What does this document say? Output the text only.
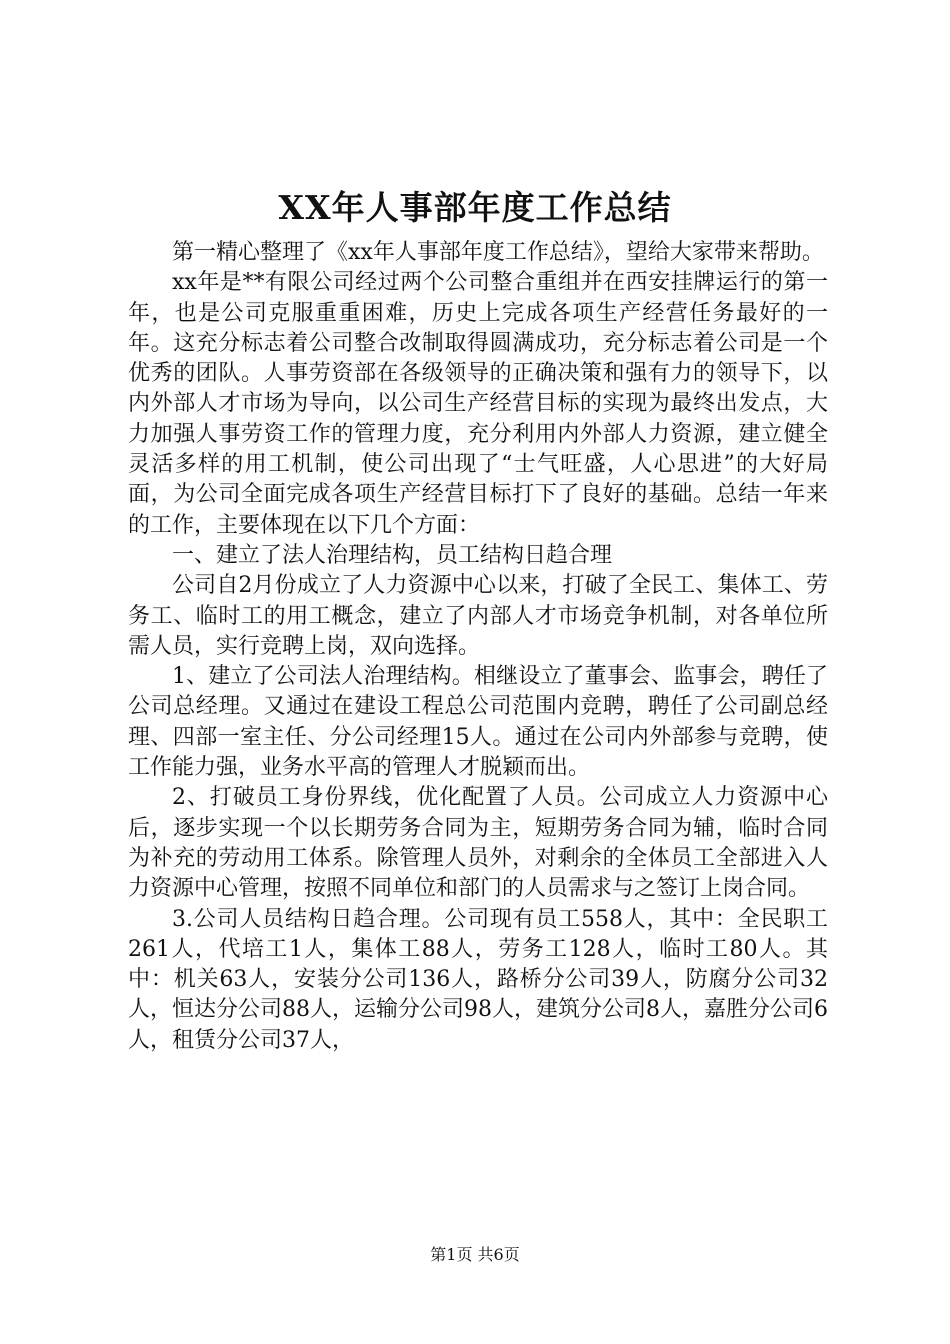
XX年人事部年度工作总结

第一精心整理了《xx年人事部年度工作总结》，望给大家带来帮助。

xx年是**有限公司经过两个公司整合重组并在西安挂牌运行的第一年，也是公司克服重重困难，历史上完成各项生产经营任务最好的一年。这充分标志着公司整合改制取得圆满成功，充分标志着公司是一个优秀的团队。人事劳资部在各级领导的正确决策和强有力的领导下，以内外部人才市场为导向，以公司生产经营目标的实现为最终出发点，大力加强人事劳资工作的管理力度，充分利用内外部人力资源，建立健全灵活多样的用工机制，使公司出现了“士气旺盛，人心思进”的大好局面，为公司全面完成各项生产经营目标打下了良好的基础。总结一年来的工作，主要体现在以下几个方面：

一、建立了法人治理结构，员工结构日趋合理

公司自2月份成立了人力资源中心以来，打破了全民工、集体工、劳务工、临时工的用工概念，建立了内部人才市场竞争机制，对各单位所需人员，实行竞聘上岗，双向选择。

1、建立了公司法人治理结构。相继设立了董事会、监事会，聘任了公司总经理。又通过在建设工程总公司范围内竞聘，聘任了公司副总经理、四部一室主任、分公司经理15人。通过在公司内外部参与竞聘，使工作能力强，业务水平高的管理人才脱颖而出。

2、打破员工身份界线，优化配置了人员。公司成立人力资源中心后，逐步实现一个以长期劳务合同为主，短期劳务合同为辅，临时合同为补充的劳动用工体系。除管理人员外，对剩余的全体员工全部进入人力资源中心管理，按照不同单位和部门的人员需求与之签订上岗合同。

3.公司人员结构日趋合理。公司现有员工558人，其中：全民职工261人，代培工1人，集体工88人，劳务工128人，临时工80人。其中：机关63人，安装分公司136人，路桥分公司39人，防腐分公司32人，恒达分公司88人，运输分公司98人，建筑分公司8人，嘉胜分公司6人，租赁分公司37人，

第1页 共6页
